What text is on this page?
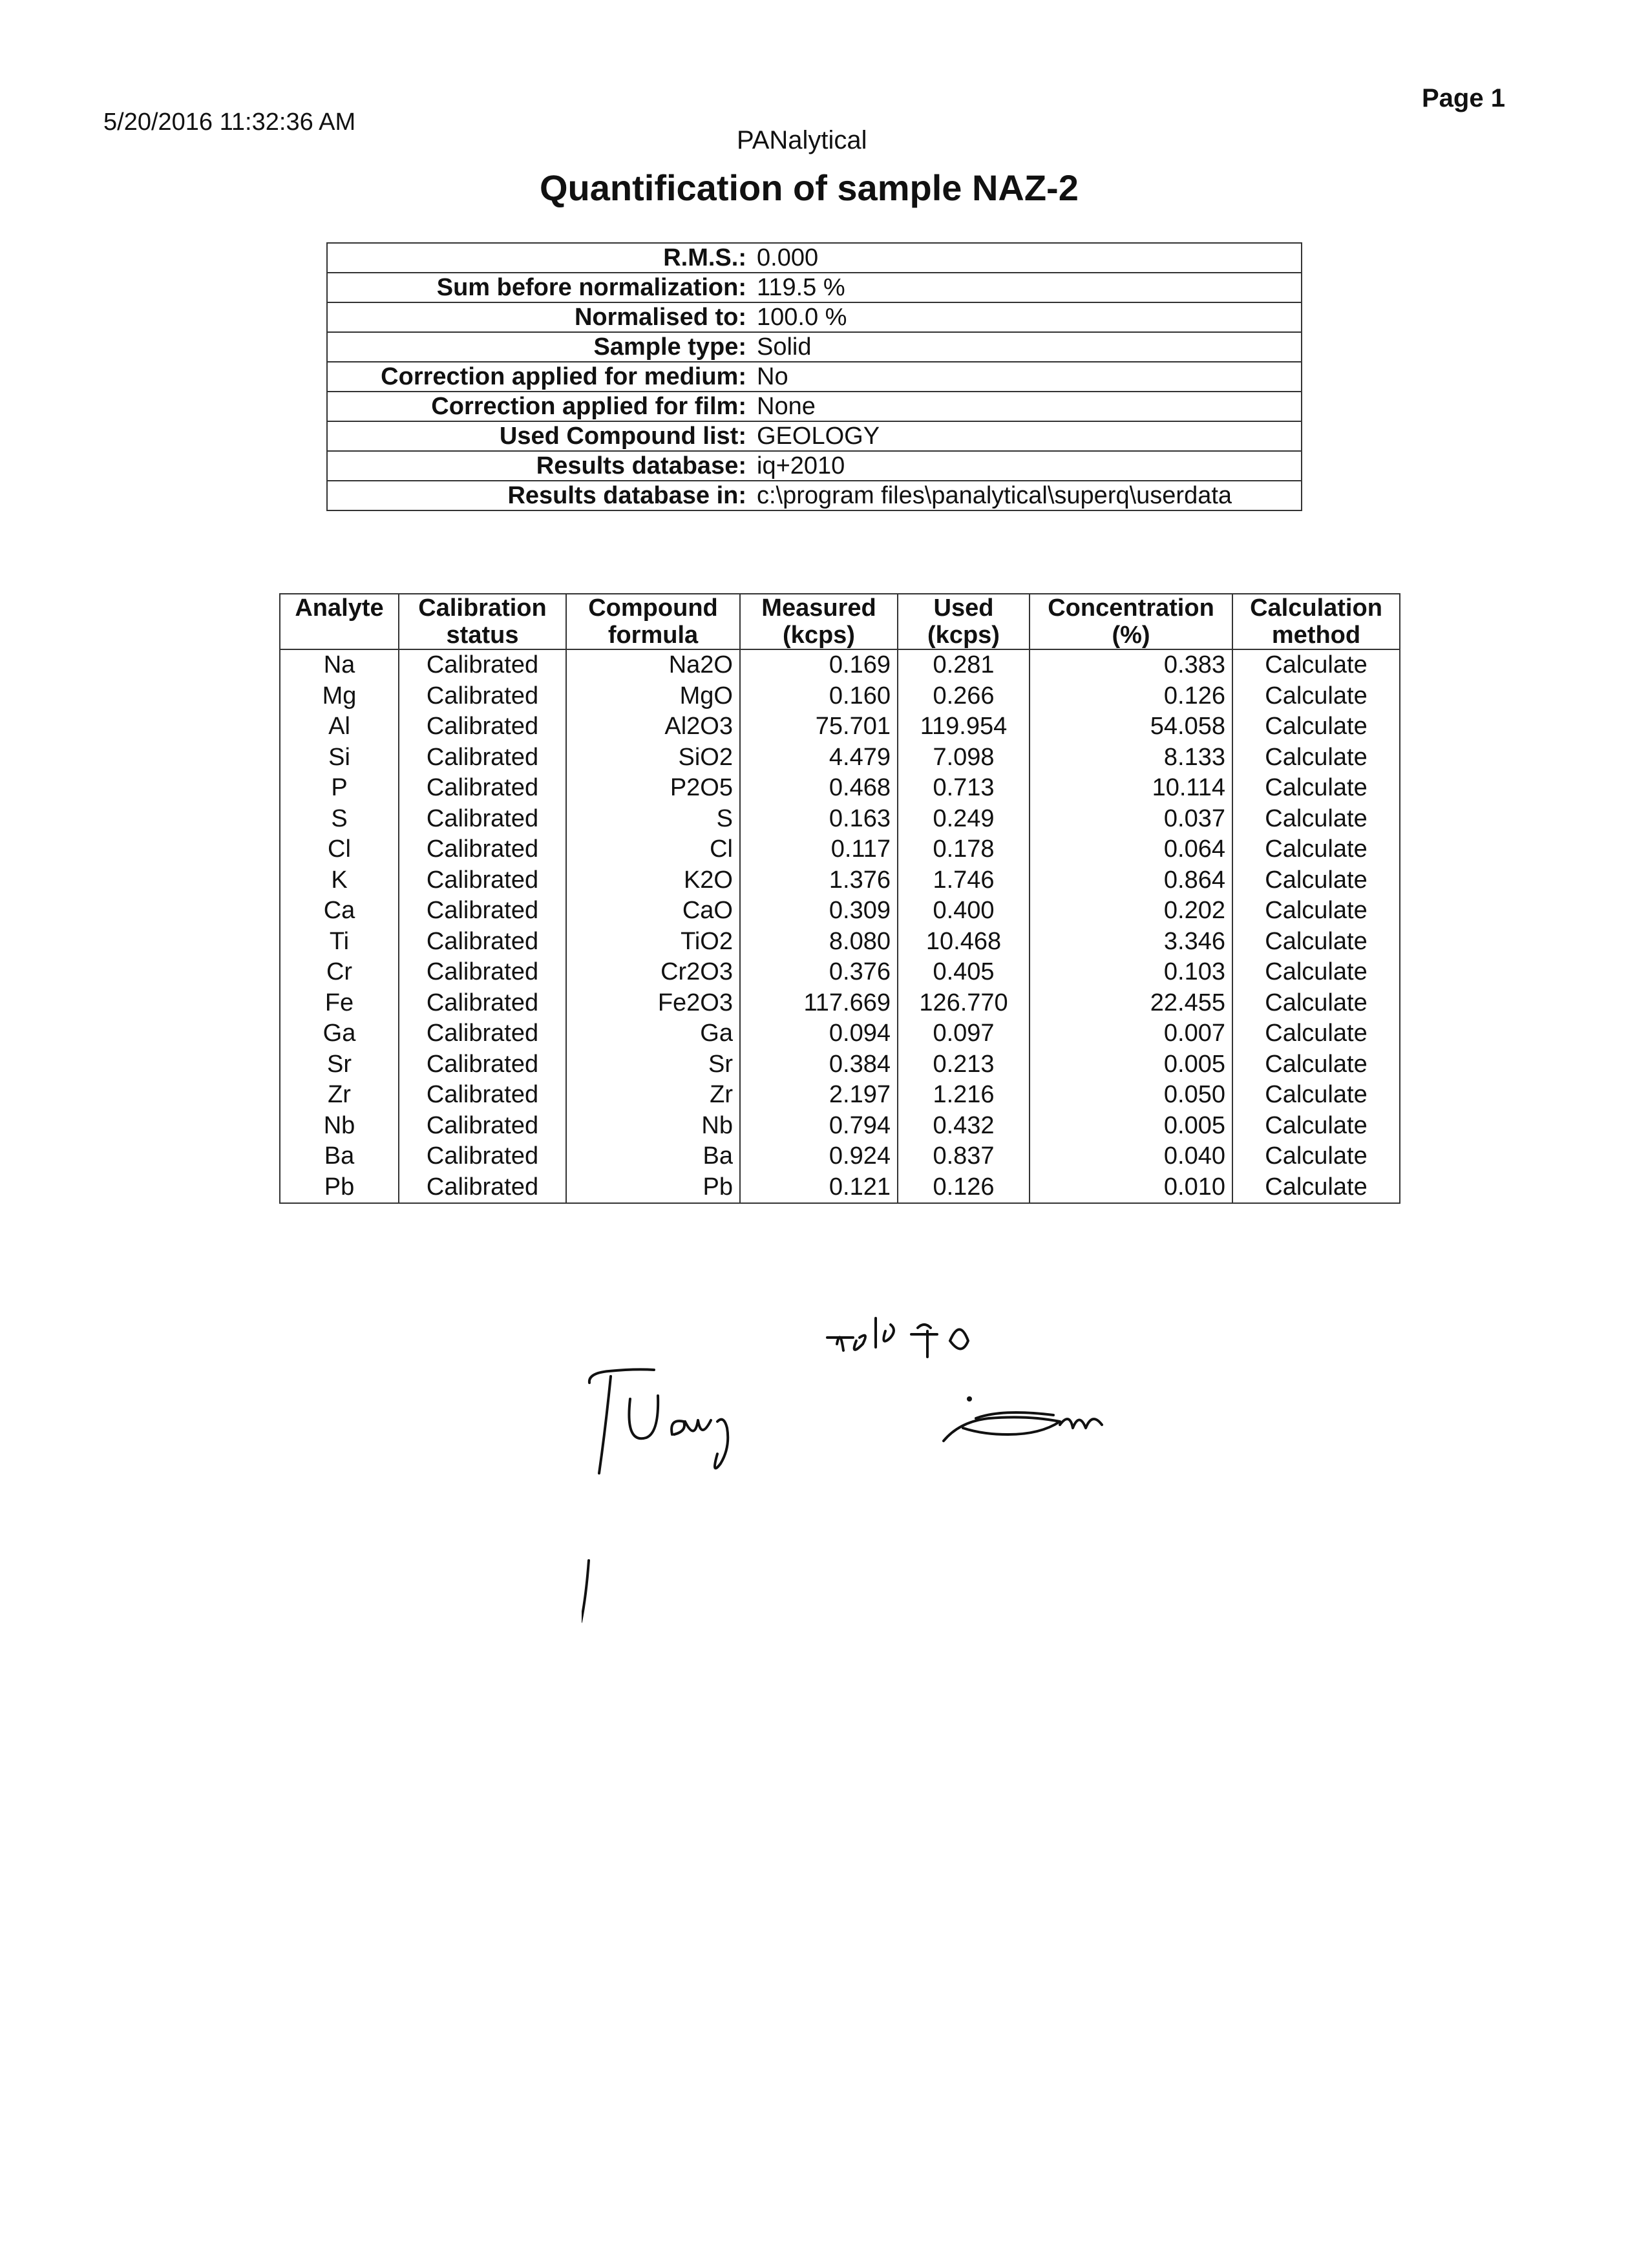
5/20/2016 11:32:36 AM
Page 1
PANalytical
Quantification of sample NAZ-2
R.M.S.:	0.000
Sum before normalization:	119.5 %
Normalised to:	100.0 %
Sample type:	Solid
Correction applied for medium:	No
Correction applied for film:	None
Used Compound list:	GEOLOGY
Results database:	iq+2010
Results database in:	c:\program files\panalytical\superq\userdata
Analyte	Calibration status	Compound formula	Measured (kcps)	Used (kcps)	Concentration (%)	Calculation method
Na	Calibrated	Na2O	0.169	0.281	0.383	Calculate
Mg	Calibrated	MgO	0.160	0.266	0.126	Calculate
Al	Calibrated	Al2O3	75.701	119.954	54.058	Calculate
Si	Calibrated	SiO2	4.479	7.098	8.133	Calculate
P	Calibrated	P2O5	0.468	0.713	10.114	Calculate
S	Calibrated	S	0.163	0.249	0.037	Calculate
Cl	Calibrated	Cl	0.117	0.178	0.064	Calculate
K	Calibrated	K2O	1.376	1.746	0.864	Calculate
Ca	Calibrated	CaO	0.309	0.400	0.202	Calculate
Ti	Calibrated	TiO2	8.080	10.468	3.346	Calculate
Cr	Calibrated	Cr2O3	0.376	0.405	0.103	Calculate
Fe	Calibrated	Fe2O3	117.669	126.770	22.455	Calculate
Ga	Calibrated	Ga	0.094	0.097	0.007	Calculate
Sr	Calibrated	Sr	0.384	0.213	0.005	Calculate
Zr	Calibrated	Zr	2.197	1.216	0.050	Calculate
Nb	Calibrated	Nb	0.794	0.432	0.005	Calculate
Ba	Calibrated	Ba	0.924	0.837	0.040	Calculate
Pb	Calibrated	Pb	0.121	0.126	0.010	Calculate
